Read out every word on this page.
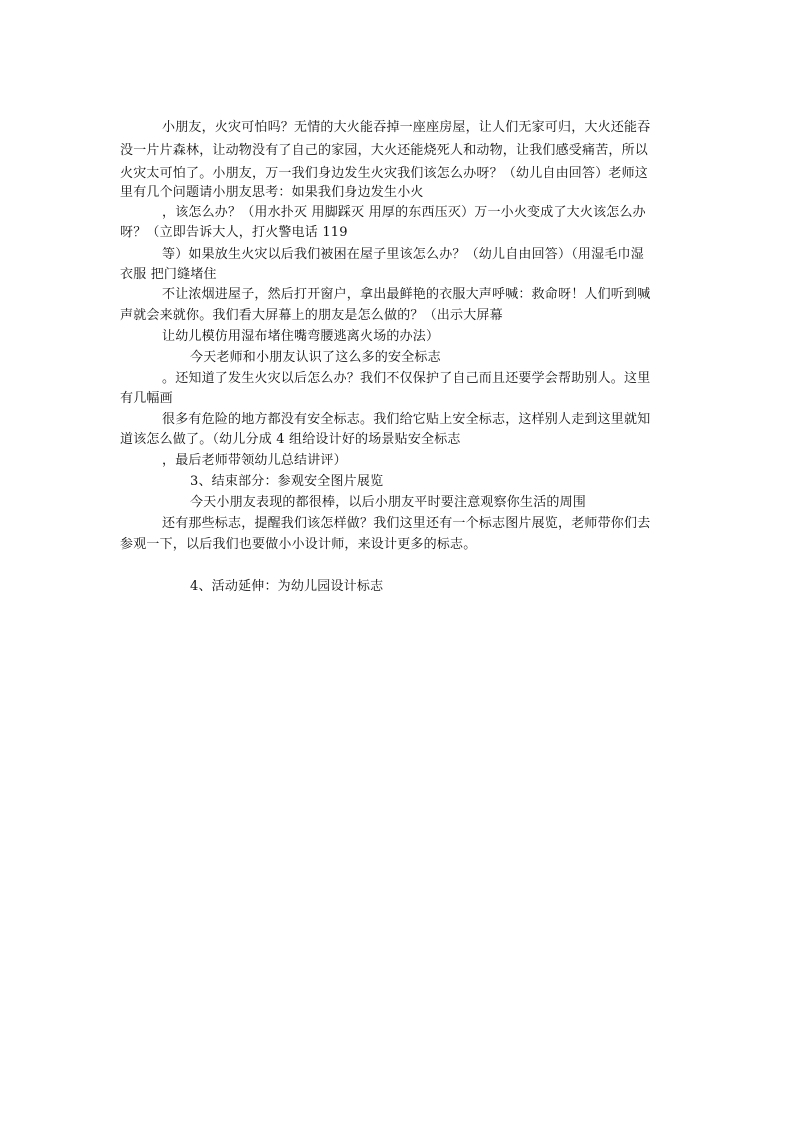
小朋友，火灾可怕吗？无情的大火能吞掉一座座房屋，让人们无家可归，大火还能吞
没一片片森林，让动物没有了自己的家园，大火还能烧死人和动物，让我们感受痛苦，所以
火灾太可怕了。小朋友，万一我们身边发生火灾我们该怎么办呀？（幼儿自由回答）老师这
里有几个问题请小朋友思考：如果我们身边发生小火
，该怎么办？（用水扑灭 用脚踩灭 用厚的东西压灭）万一小火变成了大火该怎么办
呀？（立即告诉大人，打火警电话 119
等）如果放生火灾以后我们被困在屋子里该怎么办？（幼儿自由回答）（用湿毛巾湿
衣服 把门缝堵住
不让浓烟进屋子，然后打开窗户，拿出最鲜艳的衣服大声呼喊：救命呀！人们听到喊
声就会来就你。我们看大屏幕上的朋友是怎么做的？（出示大屏幕
让幼儿模仿用湿布堵住嘴弯腰逃离火场的办法）
今天老师和小朋友认识了这么多的安全标志
。还知道了发生火灾以后怎么办？我们不仅保护了自己而且还要学会帮助别人。这里
有几幅画
很多有危险的地方都没有安全标志。我们给它贴上安全标志，这样别人走到这里就知
道该怎么做了。（幼儿分成 4 组给设计好的场景贴安全标志
，最后老师带领幼儿总结讲评）
3、结束部分：参观安全图片展览
今天小朋友表现的都很棒，以后小朋友平时要注意观察你生活的周围
还有那些标志，提醒我们该怎样做？我们这里还有一个标志图片展览，老师带你们去
参观一下，以后我们也要做小小设计师，来设计更多的标志。
4、活动延伸：为幼儿园设计标志
